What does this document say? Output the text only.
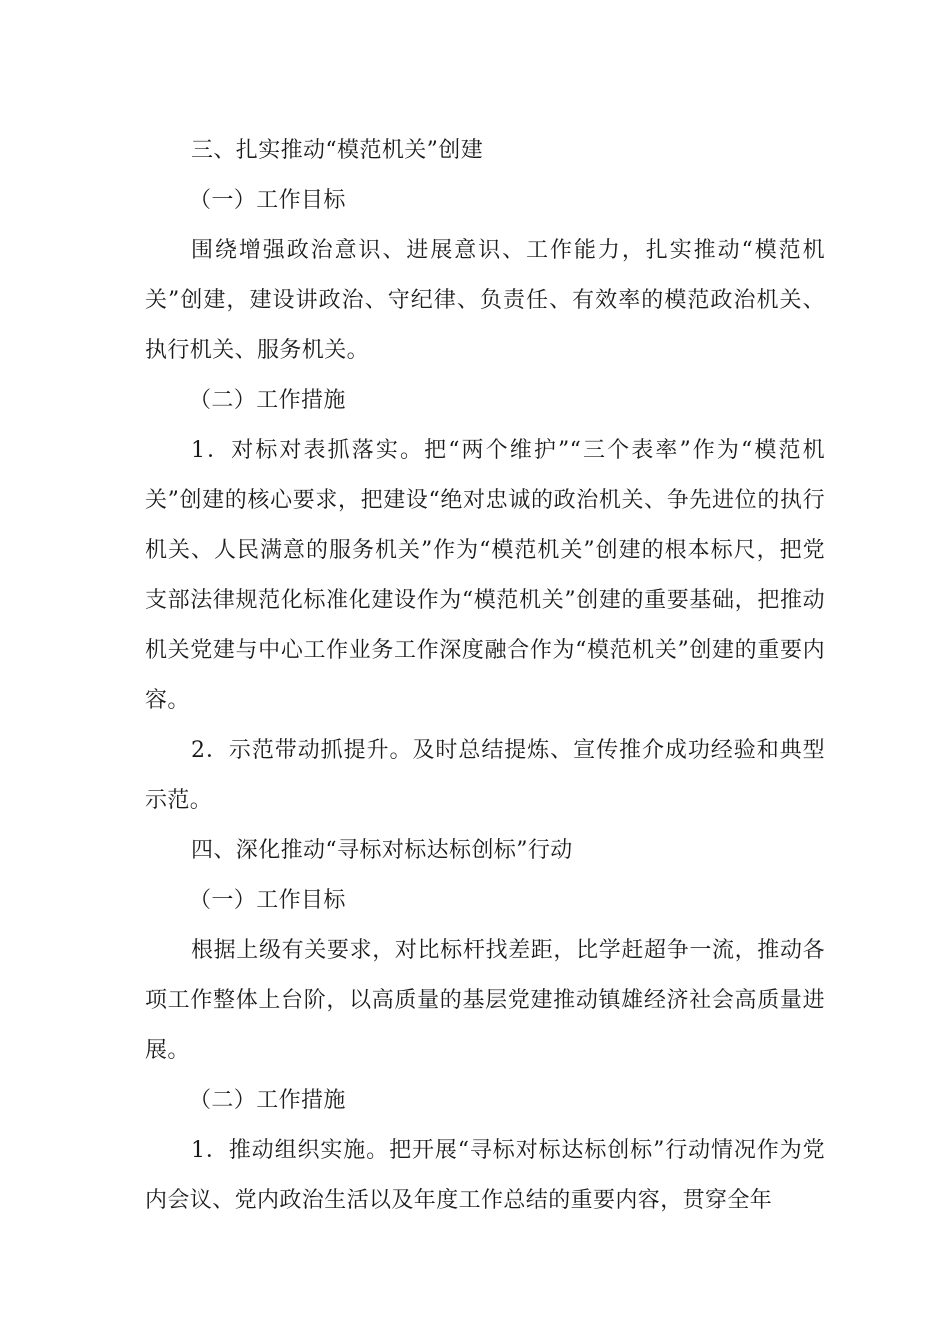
三、扎实推动“模范机关”创建

（一）工作目标

围绕增强政治意识、进展意识、工作能力，扎实推动“模范机关”创建，建设讲政治、守纪律、负责任、有效率的模范政治机关、执行机关、服务机关。

（二）工作措施

1．对标对表抓落实。把“两个维护”“三个表率”作为“模范机关”创建的核心要求，把建设“绝对忠诚的政治机关、争先进位的执行机关、人民满意的服务机关”作为“模范机关”创建的根本标尺，把党支部法律规范化标准化建设作为“模范机关”创建的重要基础，把推动机关党建与中心工作业务工作深度融合作为“模范机关”创建的重要内容。

2．示范带动抓提升。及时总结提炼、宣传推介成功经验和典型示范。

四、深化推动“寻标对标达标创标”行动

（一）工作目标

根据上级有关要求，对比标杆找差距，比学赶超争一流，推动各项工作整体上台阶，以高质量的基层党建推动镇雄经济社会高质量进展。

（二）工作措施

1．推动组织实施。把开展“寻标对标达标创标”行动情况作为党内会议、党内政治生活以及年度工作总结的重要内容，贯穿全年
